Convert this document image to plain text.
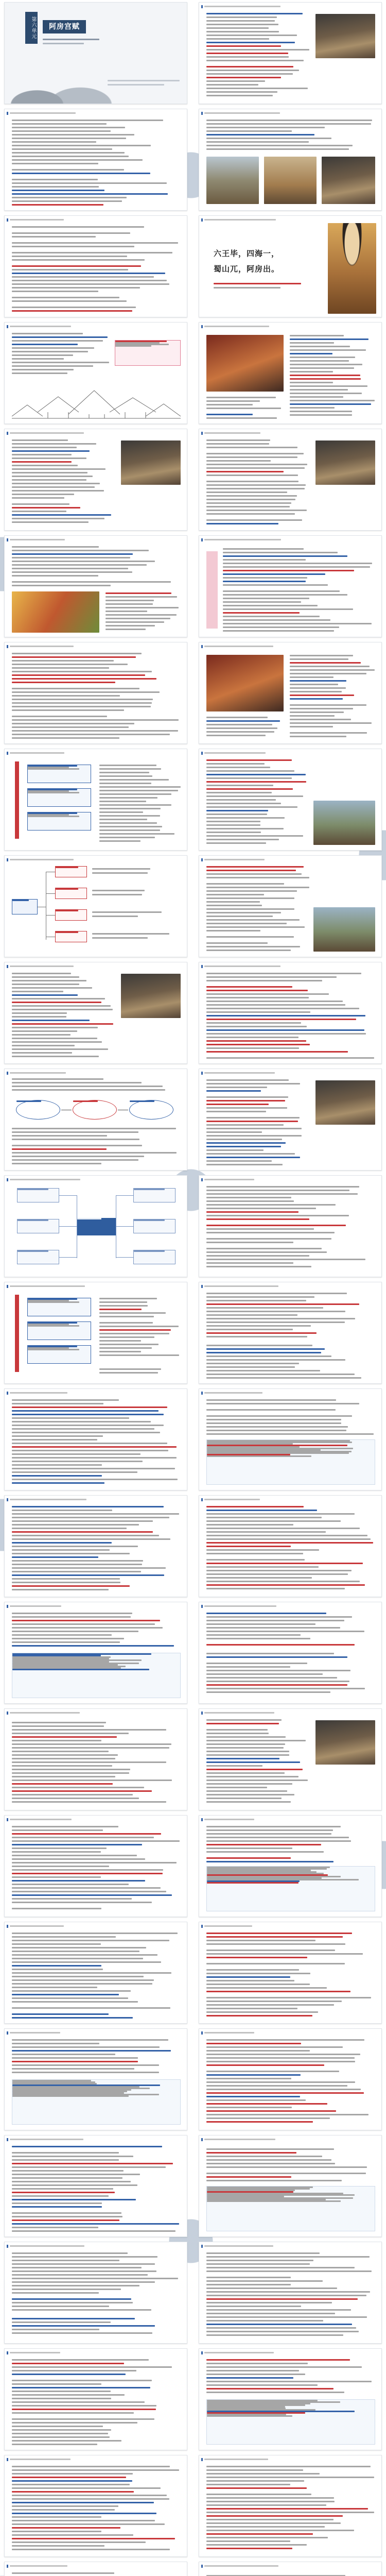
第六单元	阿房宫赋
六王毕，四海一，
蜀山兀，阿房出。
